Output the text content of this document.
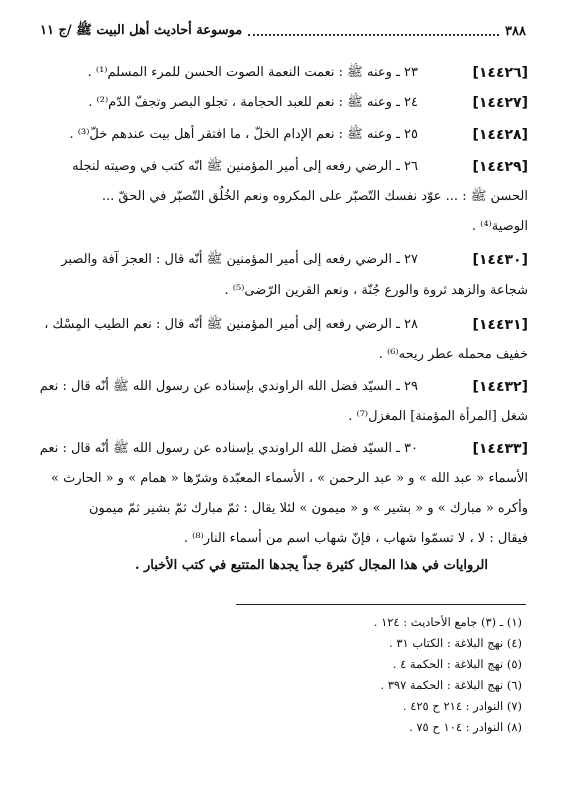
٣٨٨
موسوعة أحاديث أهل البيت ﷺ /ج ١١
[١٤٤٢٦]
٢٣ ـ وعنه ﷺ : نعمت النعمة الصوت الحسن للمرء المسلم⁽¹⁾ .
[١٤٤٢٧]
٢٤ ـ وعنه ﷺ : نعم للعبد الحجامة ، تجلو البصر وتجفّ الدّم⁽²⁾ .
[١٤٤٢٨]
٢٥ ـ وعنه ﷺ : نعم الإدام الخلّ ، ما افتقر أهل بيت عندهم خلّ⁽³⁾ .
[١٤٤٢٩]
٢٦ ـ الرضي رفعه إلى أمير المؤمنين ﷺ انّه كتب في وصيته لنجله
الحسن ﷺ : ... عوّد نفسك التّصبّر على المكروه ونعم الخُلُق التّصبّر في الحقّ ...
الوصية⁽⁴⁾ .
[١٤٤٣٠]
٢٧ ـ الرضي رفعه إلى أمير المؤمنين ﷺ أنّه قال : العجز آفة والصبر
شجاعة والزهد ثروة والورع جُنّة ، ونعم القرين الرّضى⁽⁵⁾ .
[١٤٤٣١]
٢٨ ـ الرضي رفعه إلى أمير المؤمنين ﷺ أنّه قال : نعم الطيب المِسْك ،
خفيف محمله عطر ريحه⁽⁶⁾ .
[١٤٤٣٢]
٢٩ ـ السيّد فضل الله الراوندي بإسناده عن رسول الله ﷺ أنّه قال : نعم
شغل [المرأة المؤمنة] المغزل⁽⁷⁾ .
[١٤٤٣٣]
٣٠ ـ السيّد فضل الله الراوندي بإسناده عن رسول الله ﷺ أنّه قال : نعم
الأسماء « عبد الله » و « عبد الرحمن » ، الأسماء المعبّدة وشرّها « همام » و « الحارث »
وأكره « مبارك » و « بشير » و « ميمون » لئلا يقال : ثمّ مبارك ثمّ بشير ثمّ ميمون
فيقال : لا ، لا تسمّوا شهاب ، فإنّ شهاب اسم من أسماء النار⁽⁸⁾ .
الروايات في هذا المجال كثيرة جداً يجدها المتتبع في كتب الأخبار .
(١) ـ (٣) جامع الأحاديث : ١٢٤ .
(٤) نهج البلاغة : الكتاب ٣١ .
(٥) نهج البلاغة : الحكمة ٤ .
(٦) نهج البلاغة : الحكمة ٣٩٧ .
(٧) النوادر : ٢١٤ ح ٤٢٥ .
(٨) النوادر : ١٠٤ ح ٧٥ .
